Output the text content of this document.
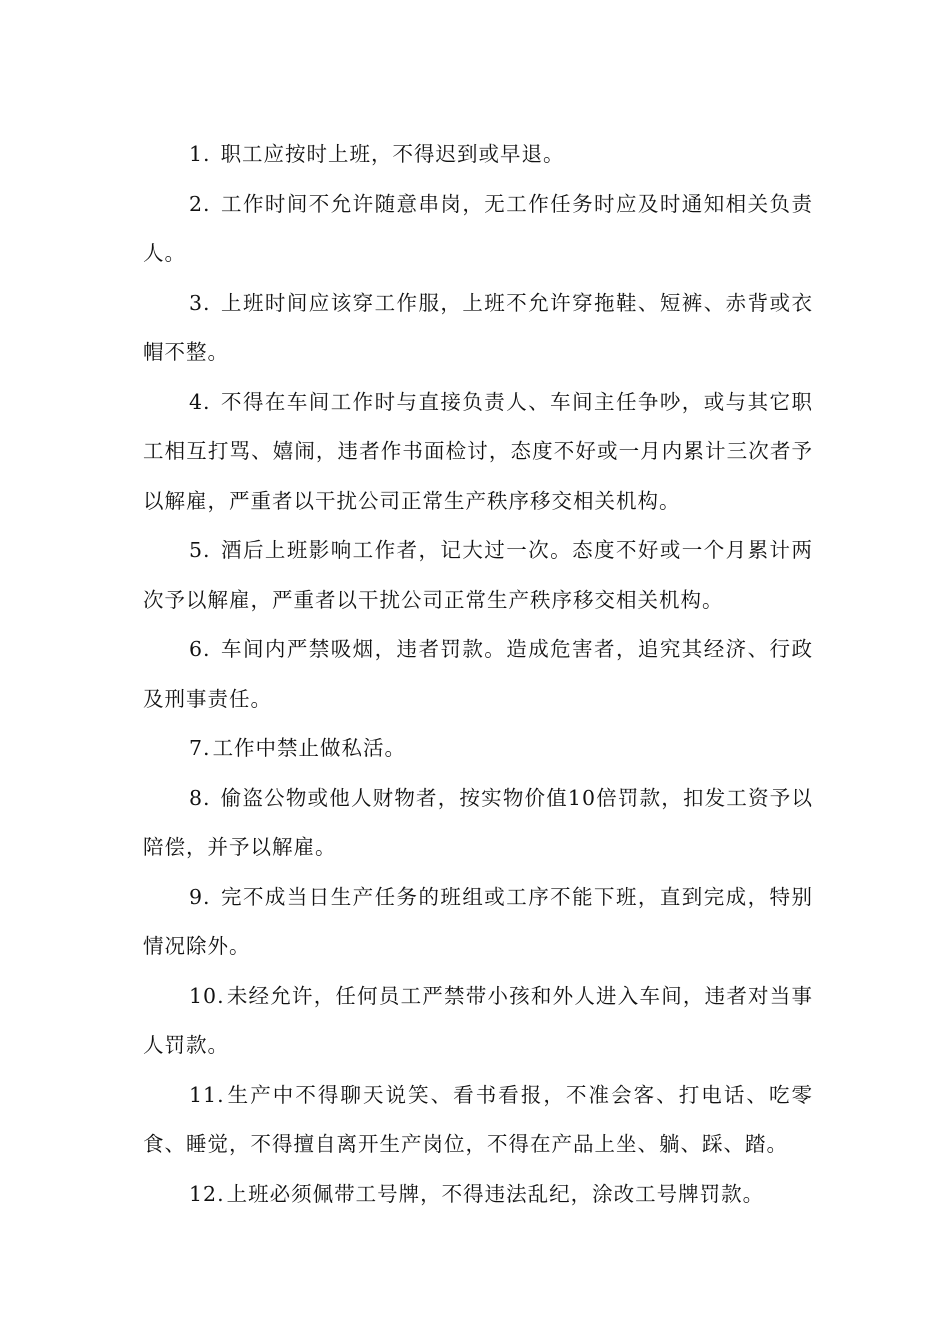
1. 职工应按时上班，不得迟到或早退。

2. 工作时间不允许随意串岗，无工作任务时应及时通知相关负责人。

3. 上班时间应该穿工作服，上班不允许穿拖鞋、短裤、赤背或衣帽不整。

4. 不得在车间工作时与直接负责人、车间主任争吵，或与其它职工相互打骂、嬉闹，违者作书面检讨，态度不好或一月内累计三次者予以解雇，严重者以干扰公司正常生产秩序移交相关机构。

5. 酒后上班影响工作者，记大过一次。态度不好或一个月累计两次予以解雇，严重者以干扰公司正常生产秩序移交相关机构。

6. 车间内严禁吸烟，违者罚款。造成危害者，追究其经济、行政及刑事责任。

7.工作中禁止做私活。

8. 偷盗公物或他人财物者，按实物价值10倍罚款，扣发工资予以陪偿，并予以解雇。

9. 完不成当日生产任务的班组或工序不能下班，直到完成，特别情况除外。

10.未经允许，任何员工严禁带小孩和外人进入车间，违者对当事人罚款。

11.生产中不得聊天说笑、看书看报，不准会客、打电话、吃零食、睡觉，不得擅自离开生产岗位，不得在产品上坐、躺、踩、踏。

12.上班必须佩带工号牌，不得违法乱纪，涂改工号牌罚款。
